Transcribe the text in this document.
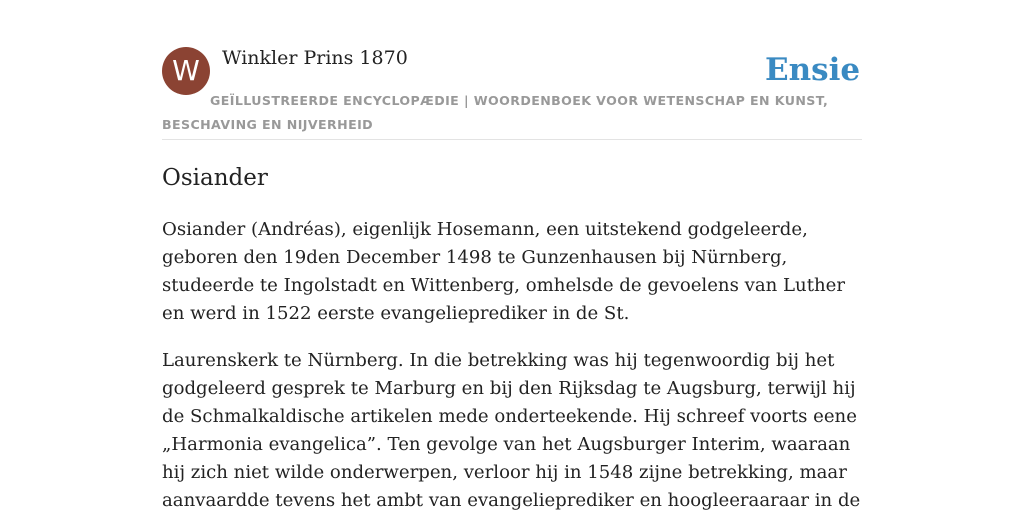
W	Winkler Prins 1870	Ensie
GEÏLLUSTREERDE ENCYCLOPÆDIE | WOORDENBOEK VOOR WETENSCHAP EN KUNST, BESCHAVING EN NIJVERHEID
Osiander

Osiander (Andréas), eigenlijk Hosemann, een uitstekend godgeleerde, geboren den 19den December 1498 te Gunzenhausen bij Nürnberg, studeerde te Ingolstadt en Wittenberg, omhelsde de gevoelens van Luther en werd in 1522 eerste evangelieprediker in de St.

Laurenskerk te Nürnberg. In die betrekking was hij tegenwoordig bij het godgeleerd gesprek te Marburg en bij den Rijksdag te Augsburg, terwijl hij de Schmalkaldische artikelen mede onderteekende. Hij schreef voorts eene „Harmonia evangelica”. Ten gevolge van het Augsburger Interim, waaraan hij zich niet wilde onderwerpen, verloor hij in 1548 zijne betrekking, maar aanvaardde tevens het ambt van evangelieprediker en hoogleeraaraar in de
